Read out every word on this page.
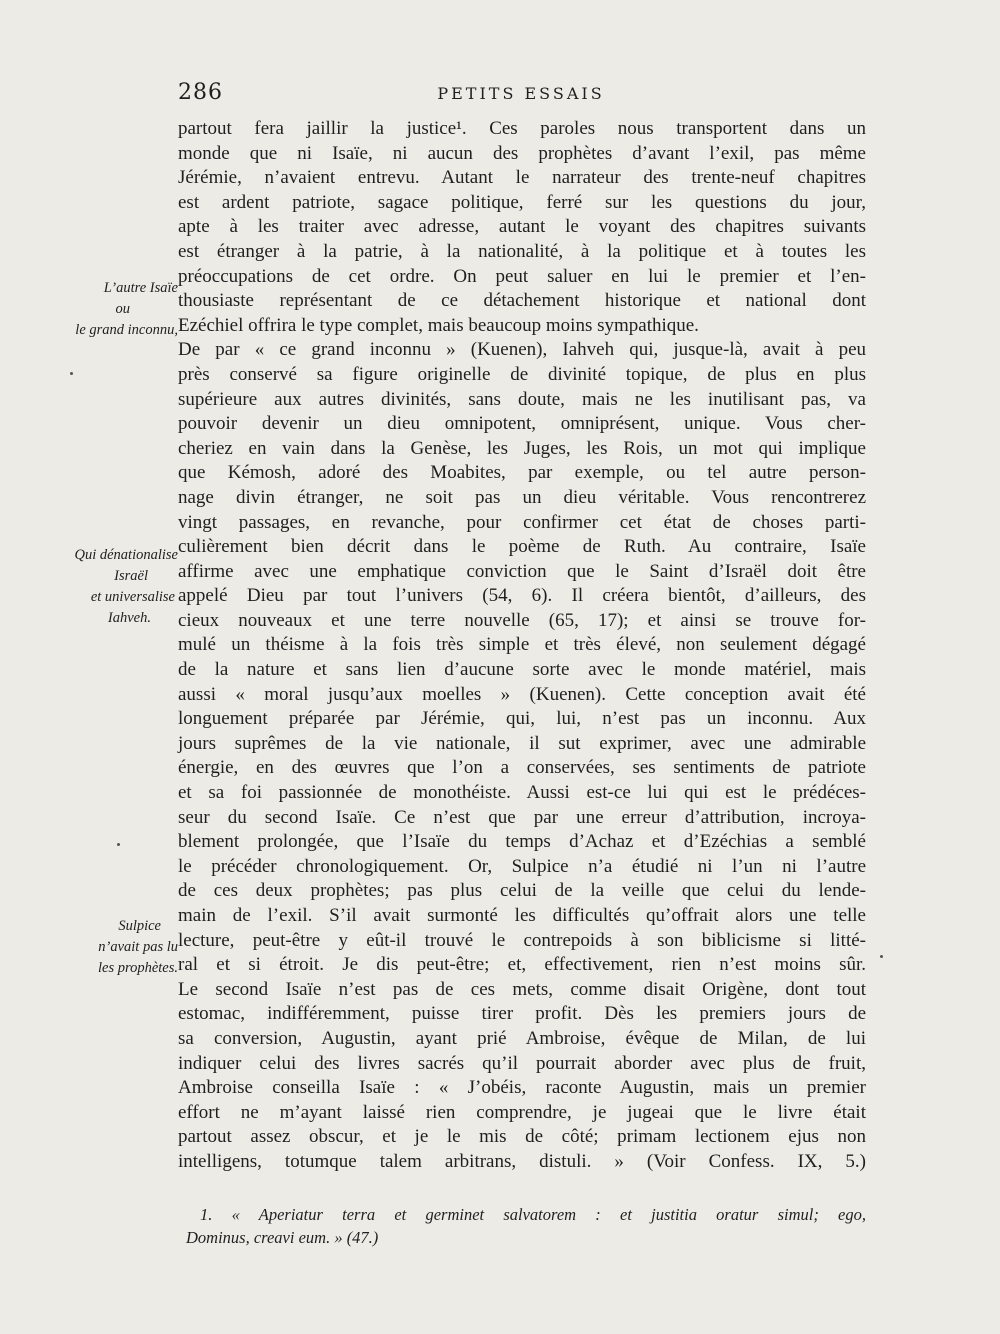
286	PETITS ESSAIS
partout fera jaillir la justice¹. Ces paroles nous transportent dans un
monde que ni Isaïe, ni aucun des prophètes d’avant l’exil, pas même
Jérémie, n’avaient entrevu. Autant le narrateur des trente-neuf chapitres
est ardent patriote, sagace politique, ferré sur les questions du jour,
apte à les traiter avec adresse, autant le voyant des chapitres suivants
est étranger à la patrie, à la nationalité, à la politique et à toutes les
préoccupations de cet ordre. On peut saluer en lui le premier et l’en-
thousiaste représentant de ce détachement historique et national dont
Ezéchiel offrira le type complet, mais beaucoup moins sympathique.
De par « ce grand inconnu » (Kuenen), Iahveh qui, jusque-là, avait à peu
près conservé sa figure originelle de divinité topique, de plus en plus
supérieure aux autres divinités, sans doute, mais ne les inutilisant pas, va
pouvoir devenir un dieu omnipotent, omniprésent, unique. Vous cher-
cheriez en vain dans la Genèse, les Juges, les Rois, un mot qui implique
que Kémosh, adoré des Moabites, par exemple, ou tel autre person-
nage divin étranger, ne soit pas un dieu véritable. Vous rencontrerez
vingt passages, en revanche, pour confirmer cet état de choses parti-
culièrement bien décrit dans le poème de Ruth. Au contraire, Isaïe
affirme avec une emphatique conviction que le Saint d’Israël doit être
appelé Dieu par tout l’univers (54, 6). Il créera bientôt, d’ailleurs, des
cieux nouveaux et une terre nouvelle (65, 17); et ainsi se trouve for-
mulé un théisme à la fois très simple et très élevé, non seulement dégagé
de la nature et sans lien d’aucune sorte avec le monde matériel, mais
aussi « moral jusqu’aux moelles » (Kuenen). Cette conception avait été
longuement préparée par Jérémie, qui, lui, n’est pas un inconnu. Aux
jours suprêmes de la vie nationale, il sut exprimer, avec une admirable
énergie, en des œuvres que l’on a conservées, ses sentiments de patriote
et sa foi passionnée de monothéiste. Aussi est-ce lui qui est le prédéces-
seur du second Isaïe. Ce n’est que par une erreur d’attribution, incroya-
blement prolongée, que l’Isaïe du temps d’Achaz et d’Ezéchias a semblé
le précéder chronologiquement. Or, Sulpice n’a étudié ni l’un ni l’autre
de ces deux prophètes; pas plus celui de la veille que celui du lende-
main de l’exil. S’il avait surmonté les difficultés qu’offrait alors une telle
lecture, peut-être y eût-il trouvé le contrepoids à son biblicisme si litté-
ral et si étroit. Je dis peut-être; et, effectivement, rien n’est moins sûr.
Le second Isaïe n’est pas de ces mets, comme disait Origène, dont tout
estomac, indifféremment, puisse tirer profit. Dès les premiers jours de
sa conversion, Augustin, ayant prié Ambroise, évêque de Milan, de lui
indiquer celui des livres sacrés qu’il pourrait aborder avec plus de fruit,
Ambroise conseilla Isaïe : « J’obéis, raconte Augustin, mais un premier
effort ne m’ayant laissé rien comprendre, je jugeai que le livre était
partout assez obscur, et je le mis de côté; primam lectionem ejus non
intelligens, totumque talem arbitrans, distuli. » (Voir Confess. IX, 5.)
L’autre Isaïe
ou
le grand inconnu,
Qui dénationalise
Israël
et universalise
Iahveh.
Sulpice
n’avait pas lu
les prophètes.
1. « Aperiatur terra et germinet salvatorem : et justitia oratur simul; ego,
Dominus, creavi eum. » (47.)
